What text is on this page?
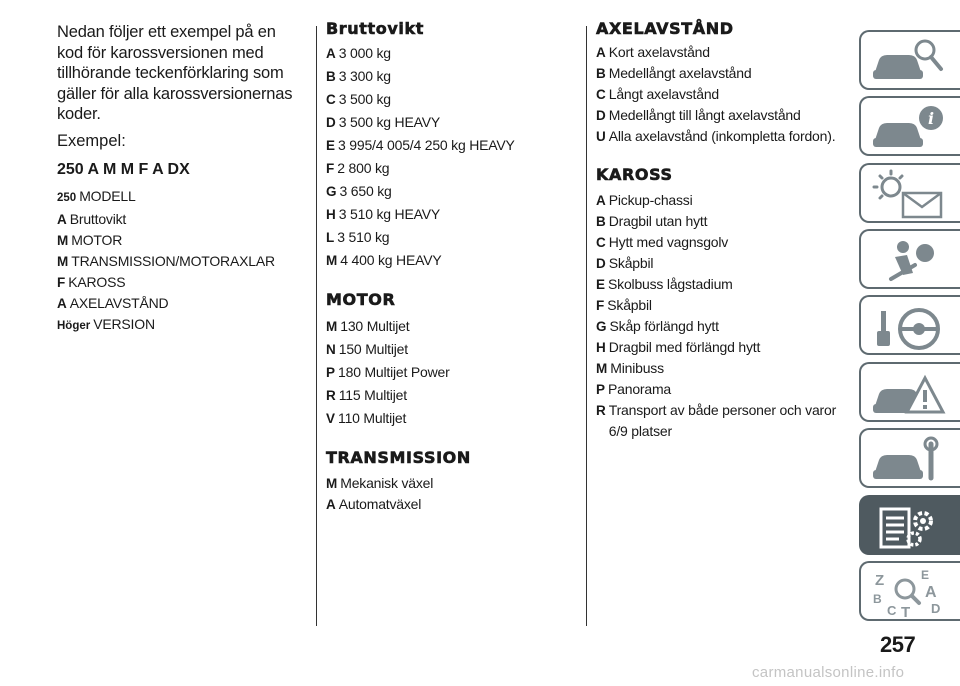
Nedan följer ett exempel på en kod för karossversionen med tillhörande teckenförklaring som gäller för alla karossversionernas koder.

Exempel:

250 A M M F A DX

250 MODELL
A Bruttovikt
M MOTOR
M TRANSMISSION/MOTORAXLAR
F KAROSS
A AXELAVSTÅND
Höger VERSION
Bruttovikt
A 3 000 kg
B 3 300 kg
C 3 500 kg
D 3 500 kg HEAVY
E 3 995/4 005/4 250 kg HEAVY
F 2 800 kg
G 3 650 kg
H 3 510 kg HEAVY
L 3 510 kg
M 4 400 kg HEAVY
MOTOR
M 130 Multijet
N 150 Multijet
P 180 Multijet Power
R 115 Multijet
V 110 Multijet
TRANSMISSION
M Mekanisk växel
A Automatväxel
AXELAVSTÅND
A Kort axelavstånd
B Medellångt axelavstånd
C Långt axelavstånd
D Medellångt till långt axelavstånd
U Alla axelavstånd (inkompletta fordon).
KAROSS
A Pickup-chassi
B Dragbil utan hytt
C Hytt med vagnsgolv
D Skåpbil
E Skolbuss lågstadium
F Skåpbil
G Skåp förlängd hytt
H Dragbil med förlängd hytt
M Minibuss
P Panorama
R Transport av både personer och varor 6/9 platser
i
Z	E
A
B
C T D
257
carmanualsonline.info
